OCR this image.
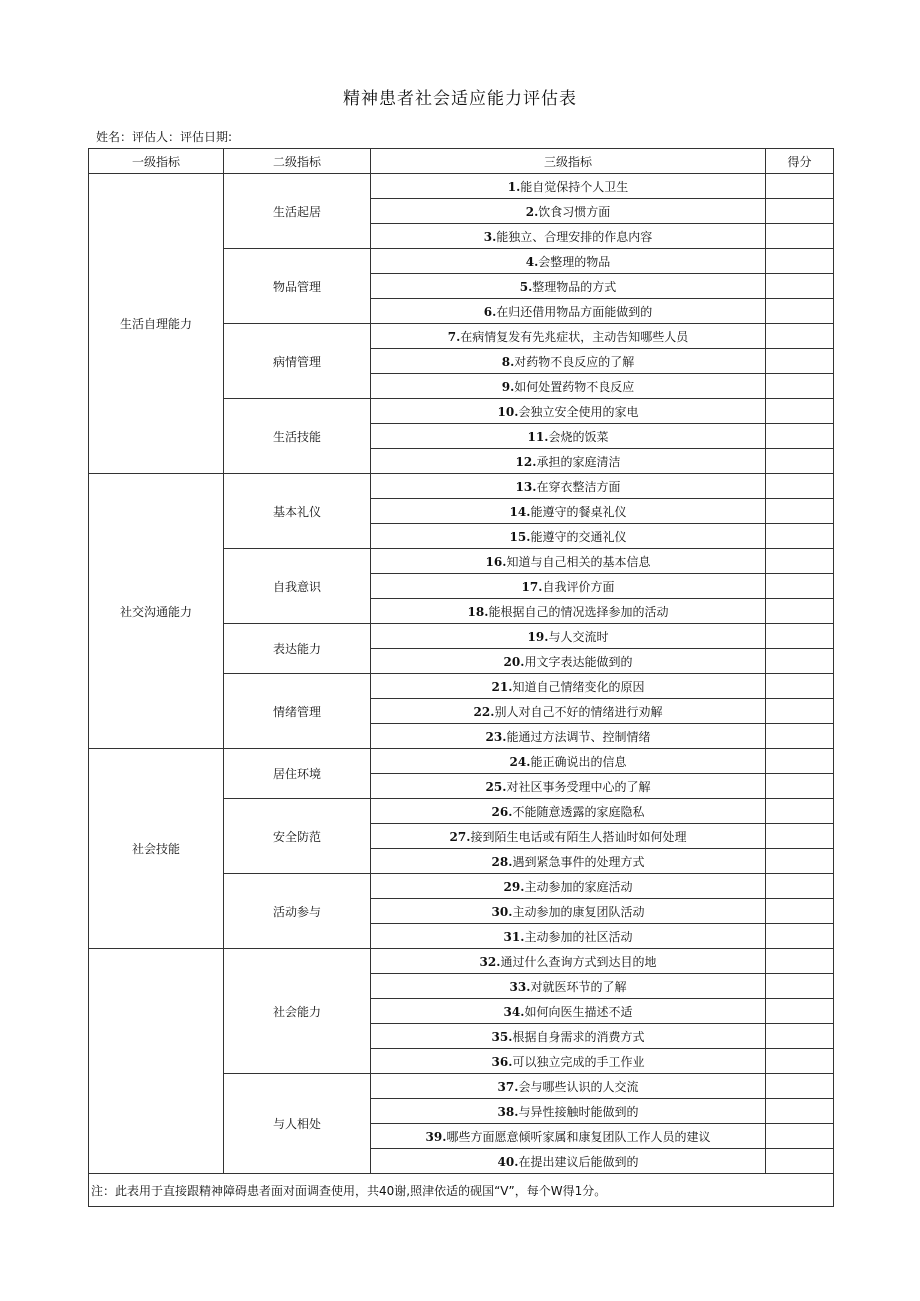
精神患者社会适应能力评估表
姓名：评估人：评估日期:
一级指标	二级指标	三级指标	得分
生活自理能力	生活起居	1.能自觉保持个人卫生	
		2.饮食习惯方面	
		3.能独立、合理安排的作息内容	
	物品管理	4.会整理的物品	
		5.整理物品的方式	
		6.在归还借用物品方面能做到的	
	病情管理	7.在病情复发有先兆症状，主动告知哪些人员	
		8.对药物不良反应的了解	
		9.如何处置药物不良反应	
	生活技能	10.会独立安全使用的家电	
		11.会烧的饭菜	
		12.承担的家庭清洁	
社交沟通能力	基本礼仪	13.在穿衣整洁方面	
		14.能遵守的餐桌礼仪	
		15.能遵守的交通礼仪	
	自我意识	16.知道与自己相关的基本信息	
		17.自我评价方面	
		18.能根据自己的情况选择参加的活动	
	表达能力	19.与人交流时	
		20.用文字表达能做到的	
	情绪管理	21.知道自己情绪变化的原因	
		22.别人对自己不好的情绪进行劝解	
		23.能通过方法调节、控制情绪	
社会技能	居住环境	24.能正确说出的信息	
		25.对社区事务受理中心的了解	
	安全防范	26.不能随意透露的家庭隐私	
		27.接到陌生电话或有陌生人搭讪时如何处理	
		28.遇到紧急事件的处理方式	
	活动参与	29.主动参加的家庭活动	
		30.主动参加的康复团队活动	
		31.主动参加的社区活动	
	社会能力	32.通过什么查询方式到达目的地	
		33.对就医环节的了解	
		34.如何向医生描述不适	
		35.根据自身需求的消费方式	
		36.可以独立完成的手工作业	
	与人相处	37.会与哪些认识的人交流	
		38.与异性接触时能做到的	
		39.哪些方面愿意倾听家属和康复团队工作人员的建议	
		40.在提出建议后能做到的	
注：此表用于直接跟精神障碍患者面对面调查使用，共40谢,照津依适的砚国“V”，每个W得1分。			
